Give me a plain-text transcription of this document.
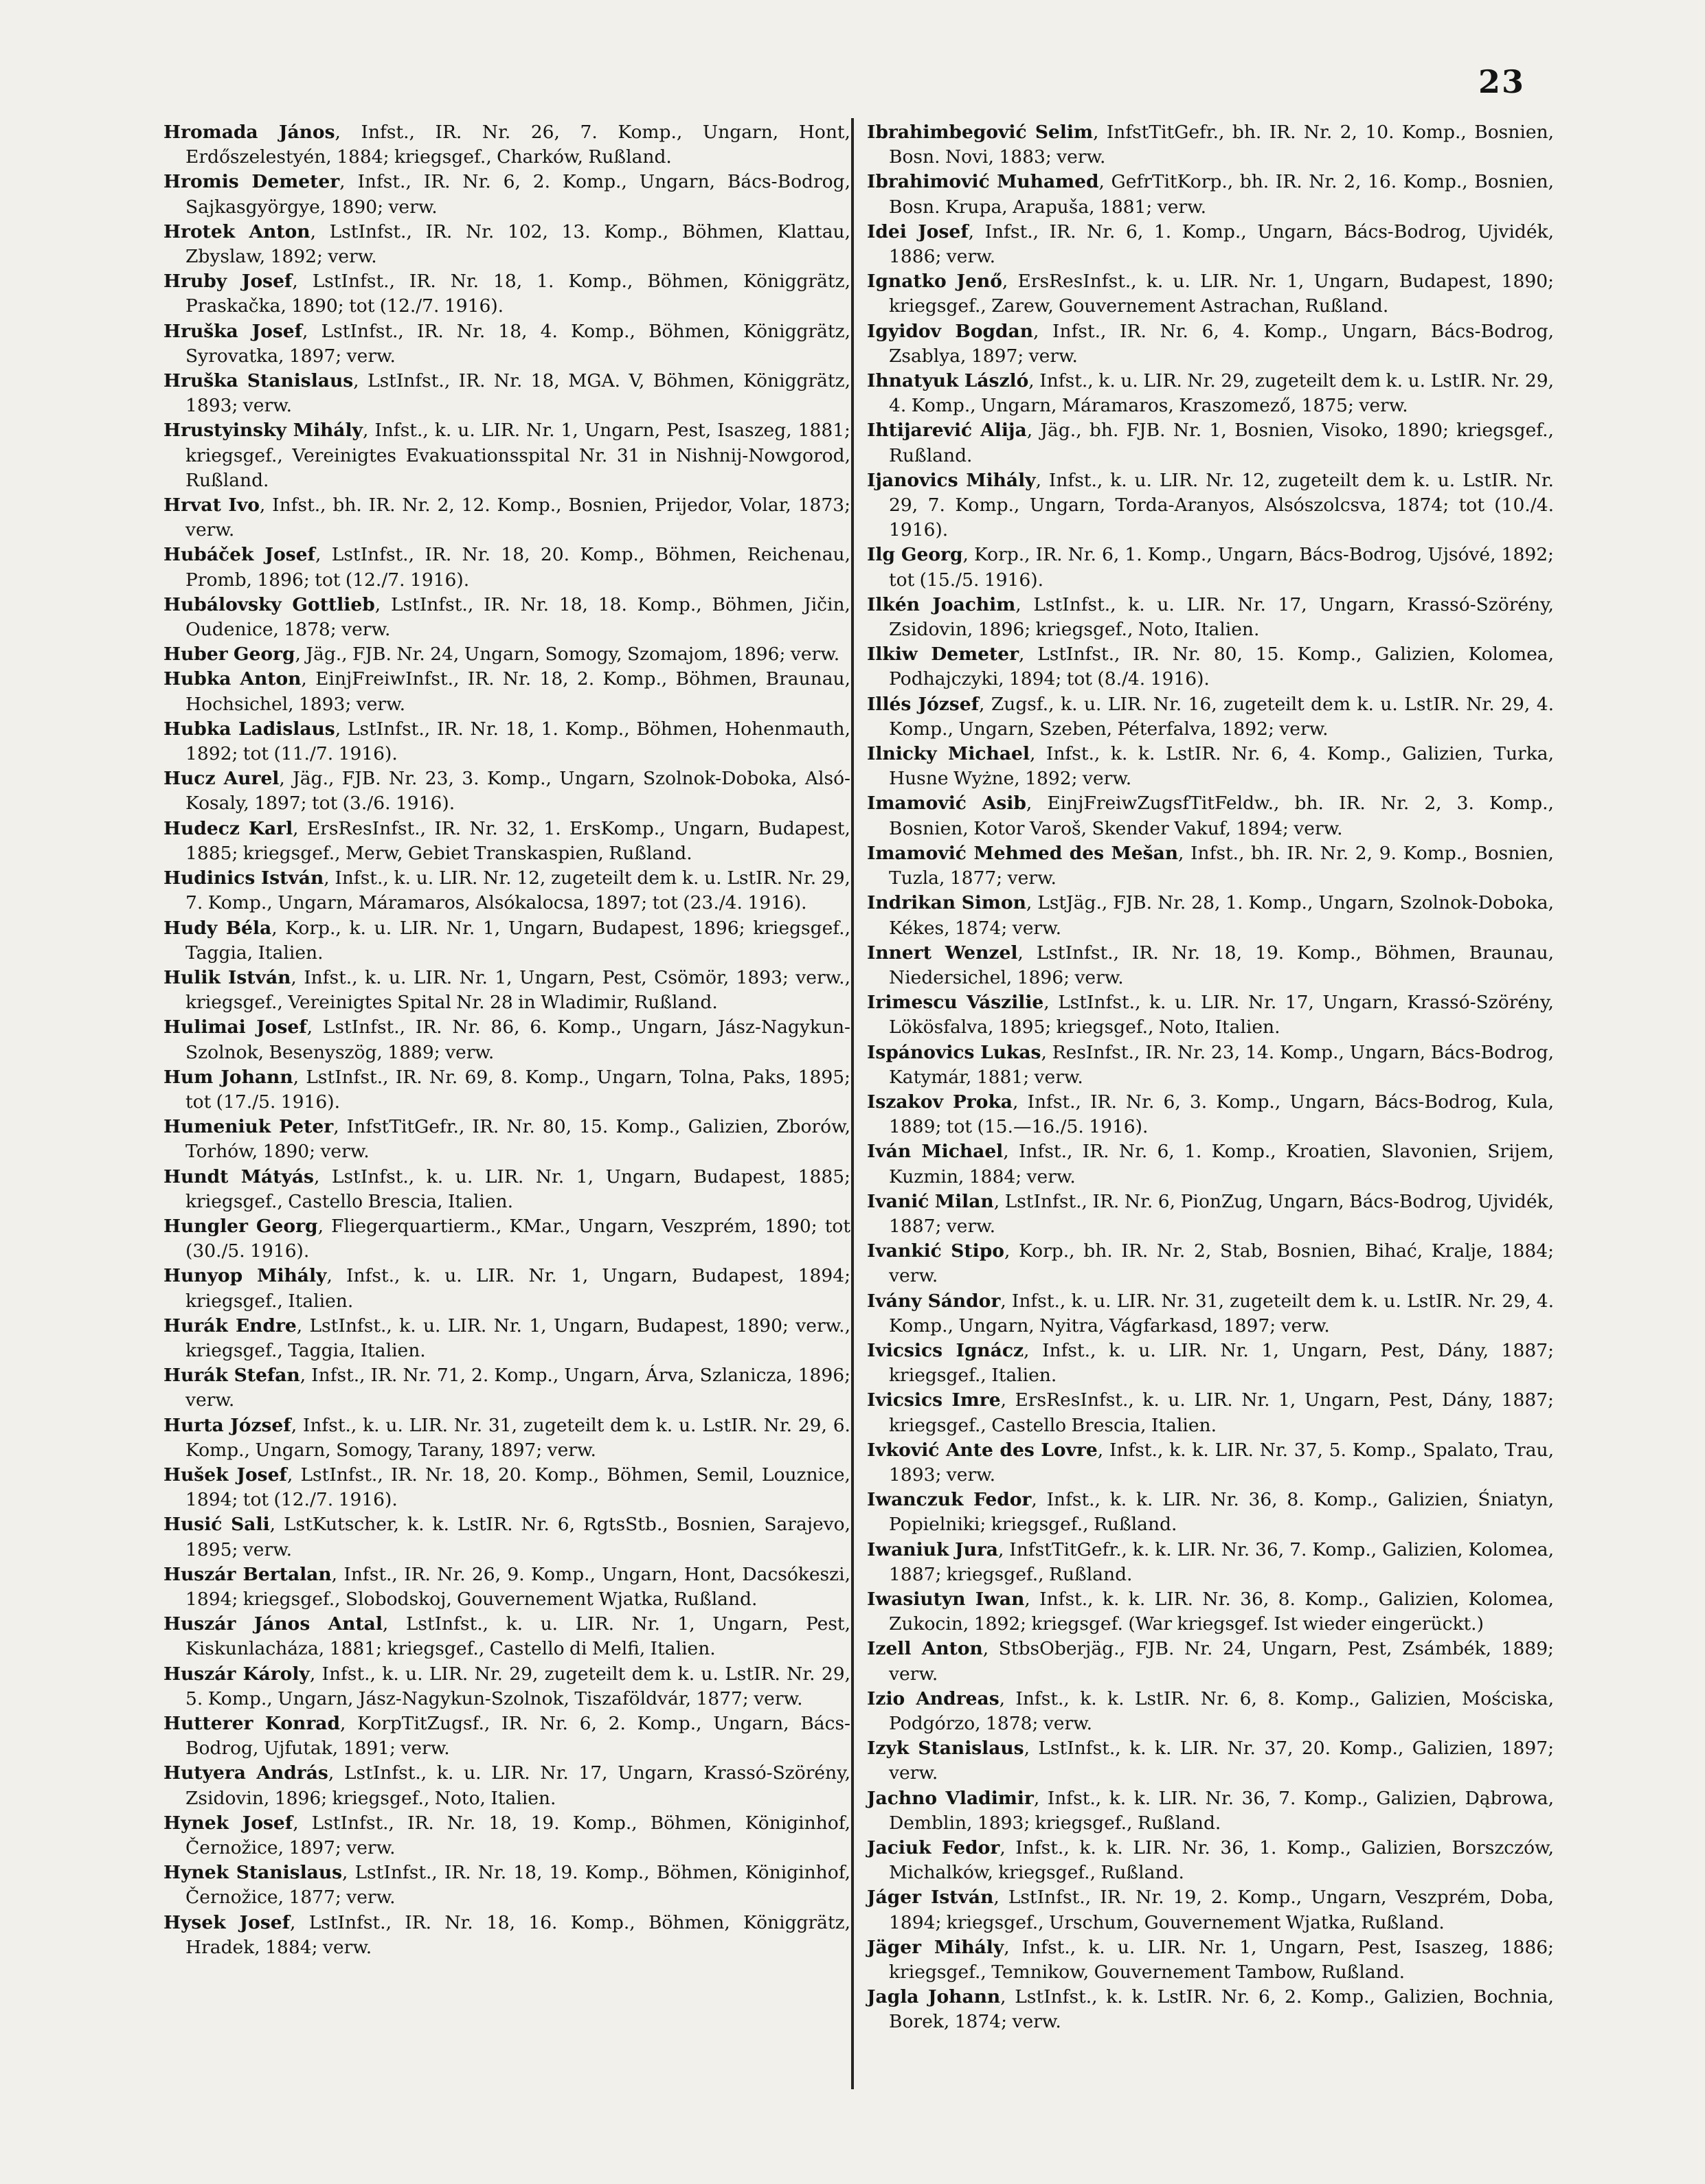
23

Hromada János, Infst., IR. Nr. 26, 7. Komp., Ungarn, Hont, Erdőszelestyén, 1884; kriegsgef., Charków, Rußland.

Hromis Demeter, Infst., IR. Nr. 6, 2. Komp., Ungarn, Bács-Bodrog, Sajkasgyörgye, 1890; verw.

Hrotek Anton, LstInfst., IR. Nr. 102, 13. Komp., Böhmen, Klattau, Zbyslaw, 1892; verw.

Hruby Josef, LstInfst., IR. Nr. 18, 1. Komp., Böhmen, Königgrätz, Praskačka, 1890; tot (12./7. 1916).

Hruška Josef, LstInfst., IR. Nr. 18, 4. Komp., Böhmen, Königgrätz, Syrovatka, 1897; verw.

Hruška Stanislaus, LstInfst., IR. Nr. 18, MGA. V, Böhmen, Königgrätz, 1893; verw.

Hrustyinsky Mihály, Infst., k. u. LIR. Nr. 1, Ungarn, Pest, Isaszeg, 1881; kriegsgef., Vereinigtes Evakuationsspital Nr. 31 in Nishnij-Nowgorod, Rußland.

Hrvat Ivo, Infst., bh. IR. Nr. 2, 12. Komp., Bosnien, Prijedor, Volar, 1873; verw.

Hubáček Josef, LstInfst., IR. Nr. 18, 20. Komp., Böhmen, Reichenau, Promb, 1896; tot (12./7. 1916).

Hubálovsky Gottlieb, LstInfst., IR. Nr. 18, 18. Komp., Böhmen, Jičin, Oudenice, 1878; verw.

Huber Georg, Jäg., FJB. Nr. 24, Ungarn, Somogy, Szomajom, 1896; verw.

Hubka Anton, EinjFreiwInfst., IR. Nr. 18, 2. Komp., Böhmen, Braunau, Hochsichel, 1893; verw.

Hubka Ladislaus, LstInfst., IR. Nr. 18, 1. Komp., Böhmen, Hohenmauth, 1892; tot (11./7. 1916).

Hucz Aurel, Jäg., FJB. Nr. 23, 3. Komp., Ungarn, Szolnok-Doboka, Alsó-Kosaly, 1897; tot (3./6. 1916).

Hudecz Karl, ErsResInfst., IR. Nr. 32, 1. ErsKomp., Ungarn, Budapest, 1885; kriegsgef., Merw, Gebiet Transkaspien, Rußland.

Hudinics István, Infst., k. u. LIR. Nr. 12, zugeteilt dem k. u. LstIR. Nr. 29, 7. Komp., Ungarn, Máramaros, Alsókalocsa, 1897; tot (23./4. 1916).

Hudy Béla, Korp., k. u. LIR. Nr. 1, Ungarn, Budapest, 1896; kriegsgef., Taggia, Italien.

Hulik István, Infst., k. u. LIR. Nr. 1, Ungarn, Pest, Csömör, 1893; verw., kriegsgef., Vereinigtes Spital Nr. 28 in Wladimir, Rußland.

Hulimai Josef, LstInfst., IR. Nr. 86, 6. Komp., Ungarn, Jász-Nagykun-Szolnok, Besenyszög, 1889; verw.

Hum Johann, LstInfst., IR. Nr. 69, 8. Komp., Ungarn, Tolna, Paks, 1895; tot (17./5. 1916).

Humeniuk Peter, InfstTitGefr., IR. Nr. 80, 15. Komp., Galizien, Zborów, Torhów, 1890; verw.

Hundt Mátyás, LstInfst., k. u. LIR. Nr. 1, Ungarn, Budapest, 1885; kriegsgef., Castello Brescia, Italien.

Hungler Georg, Fliegerquartierm., KMar., Ungarn, Veszprém, 1890; tot (30./5. 1916).

Hunyop Mihály, Infst., k. u. LIR. Nr. 1, Ungarn, Budapest, 1894; kriegsgef., Italien.

Hurák Endre, LstInfst., k. u. LIR. Nr. 1, Ungarn, Budapest, 1890; verw., kriegsgef., Taggia, Italien.

Hurák Stefan, Infst., IR. Nr. 71, 2. Komp., Ungarn, Árva, Szlanicza, 1896; verw.

Hurta József, Infst., k. u. LIR. Nr. 31, zugeteilt dem k. u. LstIR. Nr. 29, 6. Komp., Ungarn, Somogy, Tarany, 1897; verw.

Hušek Josef, LstInfst., IR. Nr. 18, 20. Komp., Böhmen, Semil, Louznice, 1894; tot (12./7. 1916).

Husić Sali, LstKutscher, k. k. LstIR. Nr. 6, RgtsStb., Bosnien, Sarajevo, 1895; verw.

Huszár Bertalan, Infst., IR. Nr. 26, 9. Komp., Ungarn, Hont, Dacsókeszi, 1894; kriegsgef., Slobodskoj, Gouvernement Wjatka, Rußland.

Huszár János Antal, LstInfst., k. u. LIR. Nr. 1, Ungarn, Pest, Kiskunlacháza, 1881; kriegsgef., Castello di Melfi, Italien.

Huszár Károly, Infst., k. u. LIR. Nr. 29, zugeteilt dem k. u. LstIR. Nr. 29, 5. Komp., Ungarn, Jász-Nagykun-Szolnok, Tiszaföldvár, 1877; verw.

Hutterer Konrad, KorpTitZugsf., IR. Nr. 6, 2. Komp., Ungarn, Bács-Bodrog, Ujfutak, 1891; verw.

Hutyera András, LstInfst., k. u. LIR. Nr. 17, Ungarn, Krassó-Szörény, Zsidovin, 1896; kriegsgef., Noto, Italien.

Hynek Josef, LstInfst., IR. Nr. 18, 19. Komp., Böhmen, Königinhof, Černožice, 1897; verw.

Hynek Stanislaus, LstInfst., IR. Nr. 18, 19. Komp., Böhmen, Königinhof, Černožice, 1877; verw.

Hysek Josef, LstInfst., IR. Nr. 18, 16. Komp., Böhmen, Königgrätz, Hradek, 1884; verw.

Ibrahimbegović Selim, InfstTitGefr., bh. IR. Nr. 2, 10. Komp., Bosnien, Bosn. Novi, 1883; verw.

Ibrahimović Muhamed, GefrTitKorp., bh. IR. Nr. 2, 16. Komp., Bosnien, Bosn. Krupa, Arapuša, 1881; verw.

Idei Josef, Infst., IR. Nr. 6, 1. Komp., Ungarn, Bács-Bodrog, Ujvidék, 1886; verw.

Ignatko Jenő, ErsResInfst., k. u. LIR. Nr. 1, Ungarn, Budapest, 1890; kriegsgef., Zarew, Gouvernement Astrachan, Rußland.

Igyidov Bogdan, Infst., IR. Nr. 6, 4. Komp., Ungarn, Bács-Bodrog, Zsablya, 1897; verw.

Ihnatyuk László, Infst., k. u. LIR. Nr. 29, zugeteilt dem k. u. LstIR. Nr. 29, 4. Komp., Ungarn, Máramaros, Kraszomező, 1875; verw.

Ihtijarević Alija, Jäg., bh. FJB. Nr. 1, Bosnien, Visoko, 1890; kriegsgef., Rußland.

Ijanovics Mihály, Infst., k. u. LIR. Nr. 12, zugeteilt dem k. u. LstIR. Nr. 29, 7. Komp., Ungarn, Torda-Aranyos, Alsószolcsva, 1874; tot (10./4. 1916).

Ilg Georg, Korp., IR. Nr. 6, 1. Komp., Ungarn, Bács-Bodrog, Ujsóvé, 1892; tot (15./5. 1916).

Ilkén Joachim, LstInfst., k. u. LIR. Nr. 17, Ungarn, Krassó-Szörény, Zsidovin, 1896; kriegsgef., Noto, Italien.

Ilkiw Demeter, LstInfst., IR. Nr. 80, 15. Komp., Galizien, Kolomea, Podhajczyki, 1894; tot (8./4. 1916).

Illés József, Zugsf., k. u. LIR. Nr. 16, zugeteilt dem k. u. LstIR. Nr. 29, 4. Komp., Ungarn, Szeben, Péterfalva, 1892; verw.

Ilnicky Michael, Infst., k. k. LstIR. Nr. 6, 4. Komp., Galizien, Turka, Husne Wyżne, 1892; verw.

Imamović Asib, EinjFreiwZugsfTitFeldw., bh. IR. Nr. 2, 3. Komp., Bosnien, Kotor Varoš, Skender Vakuf, 1894; verw.

Imamović Mehmed des Mešan, Infst., bh. IR. Nr. 2, 9. Komp., Bosnien, Tuzla, 1877; verw.

Indrikan Simon, LstJäg., FJB. Nr. 28, 1. Komp., Ungarn, Szolnok-Doboka, Kékes, 1874; verw.

Innert Wenzel, LstInfst., IR. Nr. 18, 19. Komp., Böhmen, Braunau, Niedersichel, 1896; verw.

Irimescu Vászilie, LstInfst., k. u. LIR. Nr. 17, Ungarn, Krassó-Szörény, Lökösfalva, 1895; kriegsgef., Noto, Italien.

Ispánovics Lukas, ResInfst., IR. Nr. 23, 14. Komp., Ungarn, Bács-Bodrog, Katymár, 1881; verw.

Iszakov Proka, Infst., IR. Nr. 6, 3. Komp., Ungarn, Bács-Bodrog, Kula, 1889; tot (15.—16./5. 1916).

Iván Michael, Infst., IR. Nr. 6, 1. Komp., Kroatien, Slavonien, Srijem, Kuzmin, 1884; verw.

Ivanić Milan, LstInfst., IR. Nr. 6, PionZug, Ungarn, Bács-Bodrog, Ujvidék, 1887; verw.

Ivankić Stipo, Korp., bh. IR. Nr. 2, Stab, Bosnien, Bihać, Kralje, 1884; verw.

Ivány Sándor, Infst., k. u. LIR. Nr. 31, zugeteilt dem k. u. LstIR. Nr. 29, 4. Komp., Ungarn, Nyitra, Vágfarkasd, 1897; verw.

Ivicsics Ignácz, Infst., k. u. LIR. Nr. 1, Ungarn, Pest, Dány, 1887; kriegsgef., Italien.

Ivicsics Imre, ErsResInfst., k. u. LIR. Nr. 1, Ungarn, Pest, Dány, 1887; kriegsgef., Castello Brescia, Italien.

Ivković Ante des Lovre, Infst., k. k. LIR. Nr. 37, 5. Komp., Spalato, Trau, 1893; verw.

Iwanczuk Fedor, Infst., k. k. LIR. Nr. 36, 8. Komp., Galizien, Śniatyn, Popielniki; kriegsgef., Rußland.

Iwaniuk Jura, InfstTitGefr., k. k. LIR. Nr. 36, 7. Komp., Galizien, Kolomea, 1887; kriegsgef., Rußland.

Iwasiutyn Iwan, Infst., k. k. LIR. Nr. 36, 8. Komp., Galizien, Kolomea, Zukocin, 1892; kriegsgef. (War kriegsgef. Ist wieder eingerückt.)

Izell Anton, StbsOberjäg., FJB. Nr. 24, Ungarn, Pest, Zsámbék, 1889; verw.

Izio Andreas, Infst., k. k. LstIR. Nr. 6, 8. Komp., Galizien, Mościska, Podgórzo, 1878; verw.

Izyk Stanislaus, LstInfst., k. k. LIR. Nr. 37, 20. Komp., Galizien, 1897; verw.

Jachno Vladimir, Infst., k. k. LIR. Nr. 36, 7. Komp., Galizien, Dąbrowa, Demblin, 1893; kriegsgef., Rußland.

Jaciuk Fedor, Infst., k. k. LIR. Nr. 36, 1. Komp., Galizien, Borszczów, Michalków, kriegsgef., Rußland.

Jáger István, LstInfst., IR. Nr. 19, 2. Komp., Ungarn, Veszprém, Doba, 1894; kriegsgef., Urschum, Gouvernement Wjatka, Rußland.

Jäger Mihály, Infst., k. u. LIR. Nr. 1, Ungarn, Pest, Isaszeg, 1886; kriegsgef., Temnikow, Gouvernement Tambow, Rußland.

Jagla Johann, LstInfst., k. k. LstIR. Nr. 6, 2. Komp., Galizien, Bochnia, Borek, 1874; verw.
